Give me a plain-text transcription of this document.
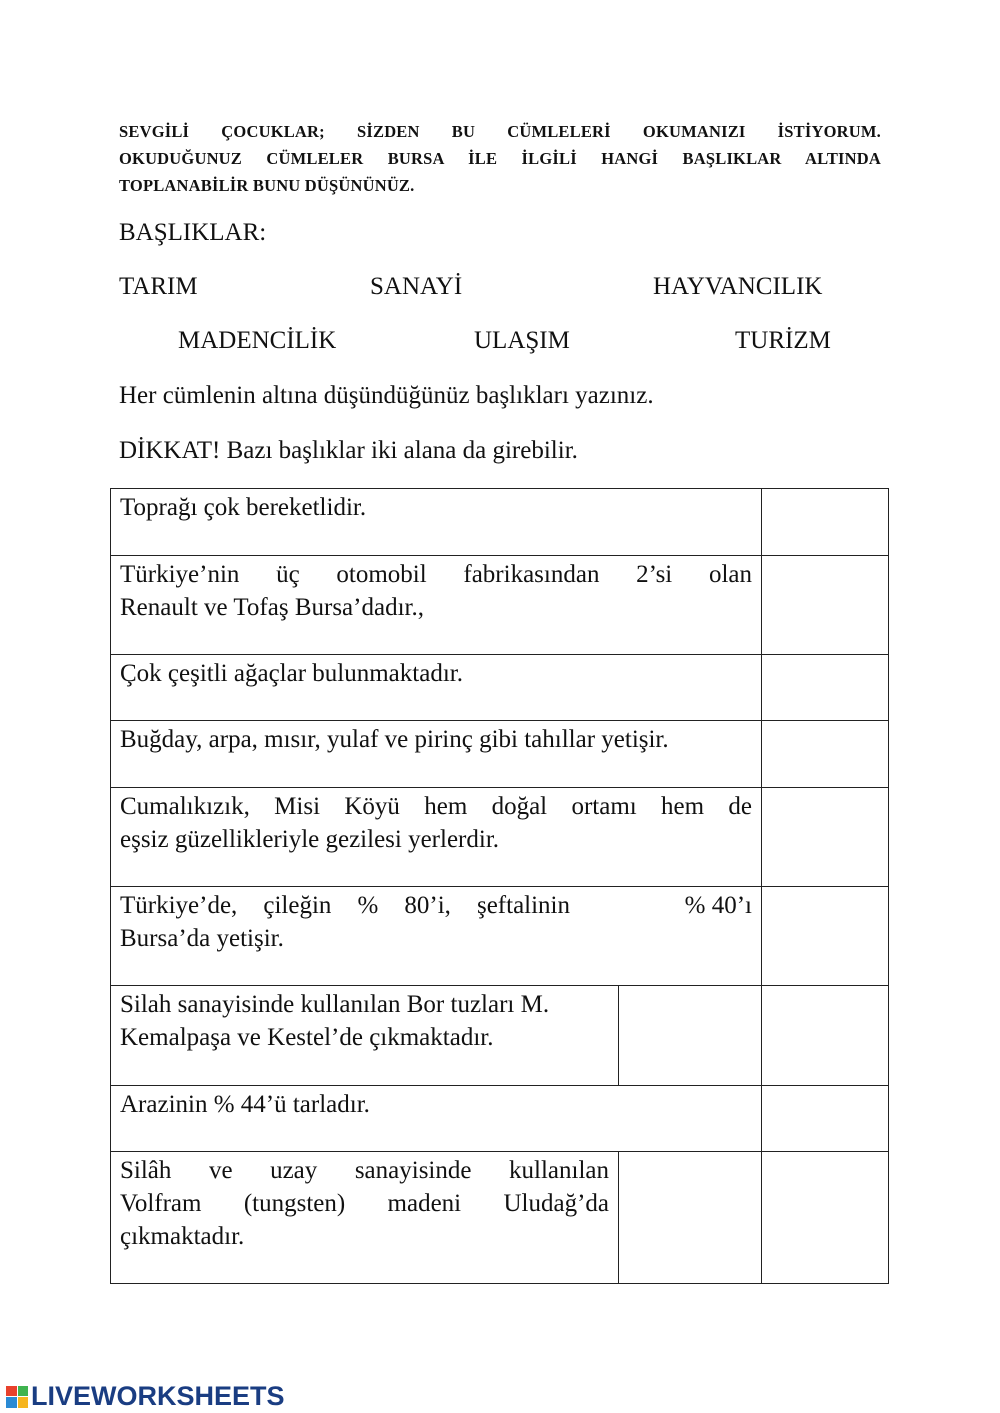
SEVGİLİ ÇOCUKLAR; SİZDEN BU CÜMLELERİ OKUMANIZI İSTİYORUM.
OKUDUĞUNUZ CÜMLELER BURSA İLE İLGİLİ HANGİ BAŞLIKLAR ALTINDA
TOPLANABİLİR BUNU DÜŞÜNÜNÜZ.
BAŞLIKLAR:
TARIM	SANAYİ	HAYVANCILIK
MADENCİLİK	ULAŞIM	TURİZM
Her cümlenin altına düşündüğünüz başlıkları yazınız.
DİKKAT! Bazı başlıklar iki alana da girebilir.
Toprağı çok bereketlidir.
Türkiye’nin üç otomobil fabrikasından 2’si olan
Renault ve Tofaş Bursa’dadır.,
Çok çeşitli ağaçlar bulunmaktadır.
Buğday, arpa, mısır, yulaf ve pirinç gibi tahıllar yetişir.
Cumalıkızık, Misi Köyü hem doğal ortamı hem de
eşsiz güzellikleriyle gezilesi yerlerdir.
Türkiye’de, çileğin % 80’i, şeftalinin	% 40’ı
Bursa’da yetişir.
Silah sanayisinde kullanılan Bor tuzları M.
Kemalpaşa ve Kestel’de çıkmaktadır.
Arazinin % 44’ü tarladır.
Silâh ve uzay sanayisinde kullanılan
Volfram (tungsten) madeni Uludağ’da
çıkmaktadır.
LIVEWORKSHEETS
